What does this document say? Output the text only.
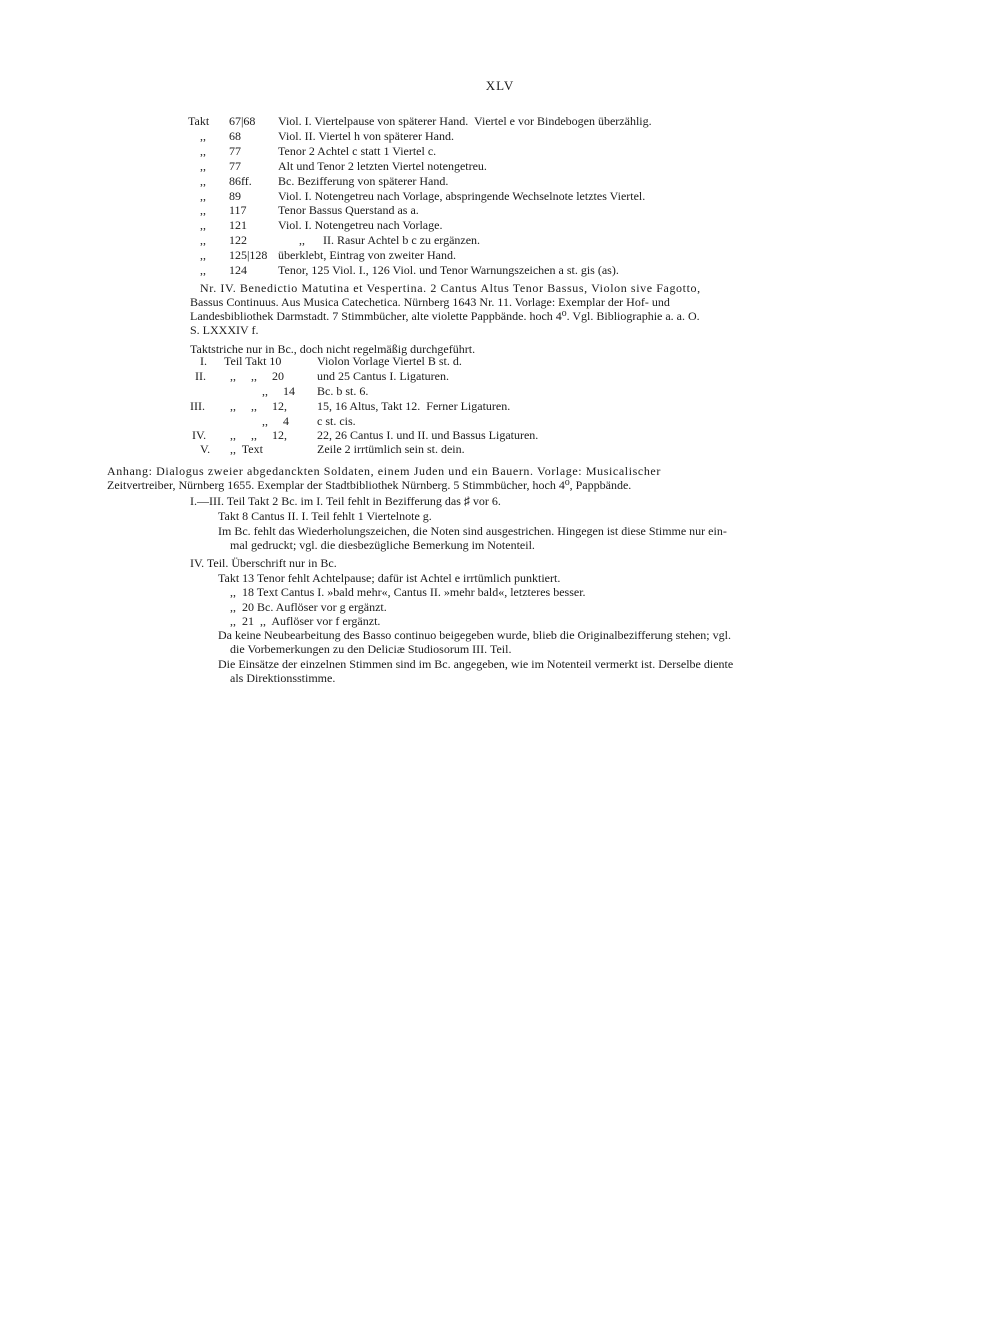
XLV
Takt 67|68 Viol. I. Viertelpause von späterer Hand.  Viertel e vor Bindebogen überzählig.
,, 68	Viol. II. Viertel h von späterer Hand.
,, 77	Tenor 2 Achtel c statt 1 Viertel c.
,, 77	Alt und Tenor 2 letzten Viertel notengetreu.
,, 86ff. Bc. Bezifferung von späterer Hand.
,, 89	Viol. I. Notengetreu nach Vorlage, abspringende Wechselnote letztes Viertel.
,, 117	Tenor Bassus Querstand as a.
,, 121	Viol. I. Notengetreu nach Vorlage.
,, 122	,,      II. Rasur Achtel b c zu ergänzen.
,, 125|128 überklebt, Eintrag von zweiter Hand.
,, 124	Tenor, 125 Viol. I., 126 Viol. und Tenor Warnungszeichen a st. gis (as).
Nr. IV. Benedictio Matutina et Vespertina. 2 Cantus Altus Tenor Bassus, Violon sive Fagotto,
Bassus Continuus. Aus Musica Catechetica. Nürnberg 1643 Nr. 11. Vorlage: Exemplar der Hof- und
Landesbibliothek Darmstadt. 7 Stimmbücher, alte violette Pappbände. hoch 4⁰. Vgl. Bibliographie a. a. O.
S. LXXXIV f.
Taktstriche nur in Bc., doch nicht regelmäßig durchgeführt.
I. Teil Takt 10	Violon Vorlage Viertel B st. d.
II. ,,     ,,     20	und 25 Cantus I. Ligaturen.
,,     14 Bc. b st. 6.
III. ,,     ,,     12,	15, 16 Altus, Takt 12.  Ferner Ligaturen.
,,     4 c st. cis.
IV. ,,     ,,     12,	22, 26 Cantus I. und II. und Bassus Ligaturen.
V. ,,  Text	Zeile 2 irrtümlich sein st. dein.
Anhang: Dialogus zweier abgedanckten Soldaten, einem Juden und ein Bauern. Vorlage: Musicalischer
Zeitvertreiber, Nürnberg 1655. Exemplar der Stadtbibliothek Nürnberg. 5 Stimmbücher, hoch 4⁰, Pappbände.
I.—III. Teil Takt 2 Bc. im I. Teil fehlt in Bezifferung das ♯ vor 6.
Takt 8 Cantus II. I. Teil fehlt 1 Viertelnote g.
Im Bc. fehlt das Wiederholungszeichen, die Noten sind ausgestrichen. Hingegen ist diese Stimme nur ein-
mal gedruckt; vgl. die diesbezügliche Bemerkung im Notenteil.
IV. Teil. Überschrift nur in Bc.
Takt 13 Tenor fehlt Achtelpause; dafür ist Achtel e irrtümlich punktiert.
,,  18 Text Cantus I. »bald mehr«, Cantus II. »mehr bald«, letzteres besser.
,,  20 Bc. Auflöser vor g ergänzt.
,,  21  ,,  Auflöser vor f ergänzt.
Da keine Neubearbeitung des Basso continuo beigegeben wurde, blieb die Originalbezifferung stehen; vgl.
die Vorbemerkungen zu den Deliciæ Studiosorum III. Teil.
Die Einsätze der einzelnen Stimmen sind im Bc. angegeben, wie im Notenteil vermerkt ist. Derselbe diente
als Direktionsstimme.
